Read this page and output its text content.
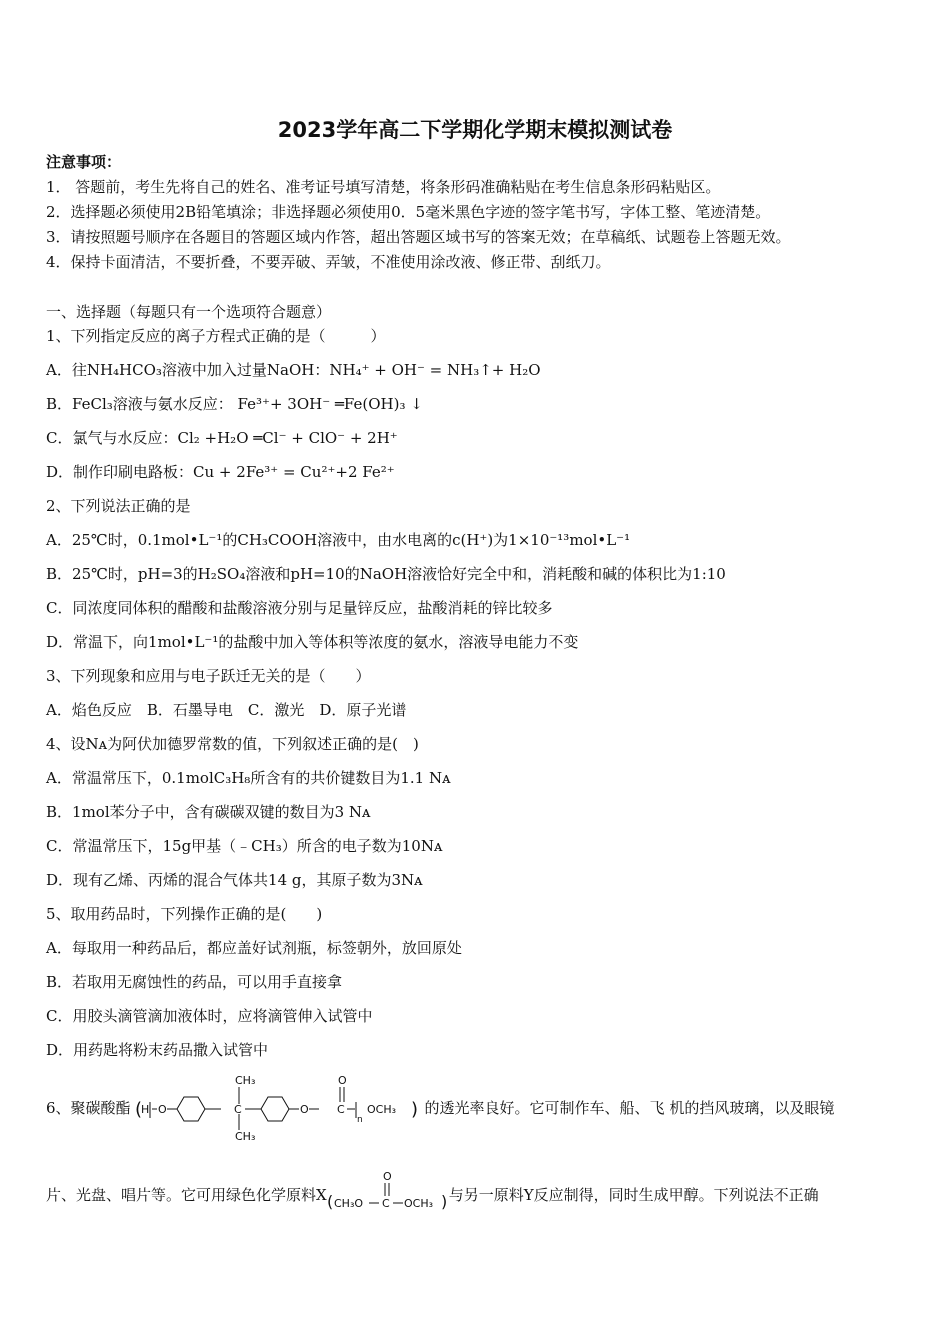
2023学年高二下学期化学期末模拟测试卷
注意事项：
1． 答题前，考生先将自己的姓名、准考证号填写清楚，将条形码准确粘贴在考生信息条形码粘贴区。
2．选择题必须使用2B铅笔填涂；非选择题必须使用0．5毫米黑色字迹的签字笔书写，字体工整、笔迹清楚。
3．请按照题号顺序在各题目的答题区域内作答，超出答题区域书写的答案无效；在草稿纸、试题卷上答题无效。
4．保持卡面清洁，不要折叠，不要弄破、弄皱，不准使用涂改液、修正带、刮纸刀。
一、选择题（每题只有一个选项符合题意）
1、下列指定反应的离子方程式正确的是（　　　）
A．往NH₄HCO₃溶液中加入过量NaOH：NH₄⁺ + OH⁻ = NH₃↑+ H₂O
B．FeCl₃溶液与氨水反应： Fe³⁺+ 3OH⁻ ═Fe(OH)₃ ↓
C．氯气与水反应：Cl₂ +H₂O ═Cl⁻ + ClO⁻ + 2H⁺
D．制作印刷电路板：Cu + 2Fe³⁺ = Cu²⁺+2 Fe²⁺
2、下列说法正确的是
A．25℃时，0.1mol•L⁻¹的CH₃COOH溶液中，由水电离的c(H⁺)为1×10⁻¹³mol•L⁻¹
B．25℃时，pH=3的H₂SO₄溶液和pH=10的NaOH溶液恰好完全中和，消耗酸和碱的体积比为1:10
C．同浓度同体积的醋酸和盐酸溶液分别与足量锌反应，盐酸消耗的锌比较多
D．常温下，向1mol•L⁻¹的盐酸中加入等体积等浓度的氨水，溶液导电能力不变
3、下列现象和应用与电子跃迁无关的是（　　）
A．焰色反应　B．石墨导电　C．激光　D．原子光谱
4、设Nᴀ为阿伏加德罗常数的值，下列叙述正确的是(　)
A．常温常压下，0.1molC₃H₈所含有的共价键数目为1.1 Nᴀ
B．1mol苯分子中，含有碳碳双键的数目为3 Nᴀ
C．常温常压下，15g甲基（﹣CH₃）所含的电子数为10Nᴀ
D．现有乙烯、丙烯的混合气体共14 g，其原子数为3Nᴀ
5、取用药品时，下列操作正确的是(　　)
A．每取用一种药品后，都应盖好试剂瓶，标签朝外，放回原处
B．若取用无腐蚀性的药品，可以用手直接拿
C．用胶头滴管滴加液体时，应将滴管伸入试管中
D．用药匙将粉末药品撒入试管中
6、聚碳酸酯 (
H O
CH₃
C
CH₃
O
O
C
n
OCH₃ ) 的透光率良好。它可制作车、船、飞 机的挡风玻璃，以及眼镜
片、光盘、唱片等。它可用绿色化学原料X (
O
CH₃O C OCH₃ ) 与另一原料Y反应制得，同时生成甲醇。下列说法不正确
